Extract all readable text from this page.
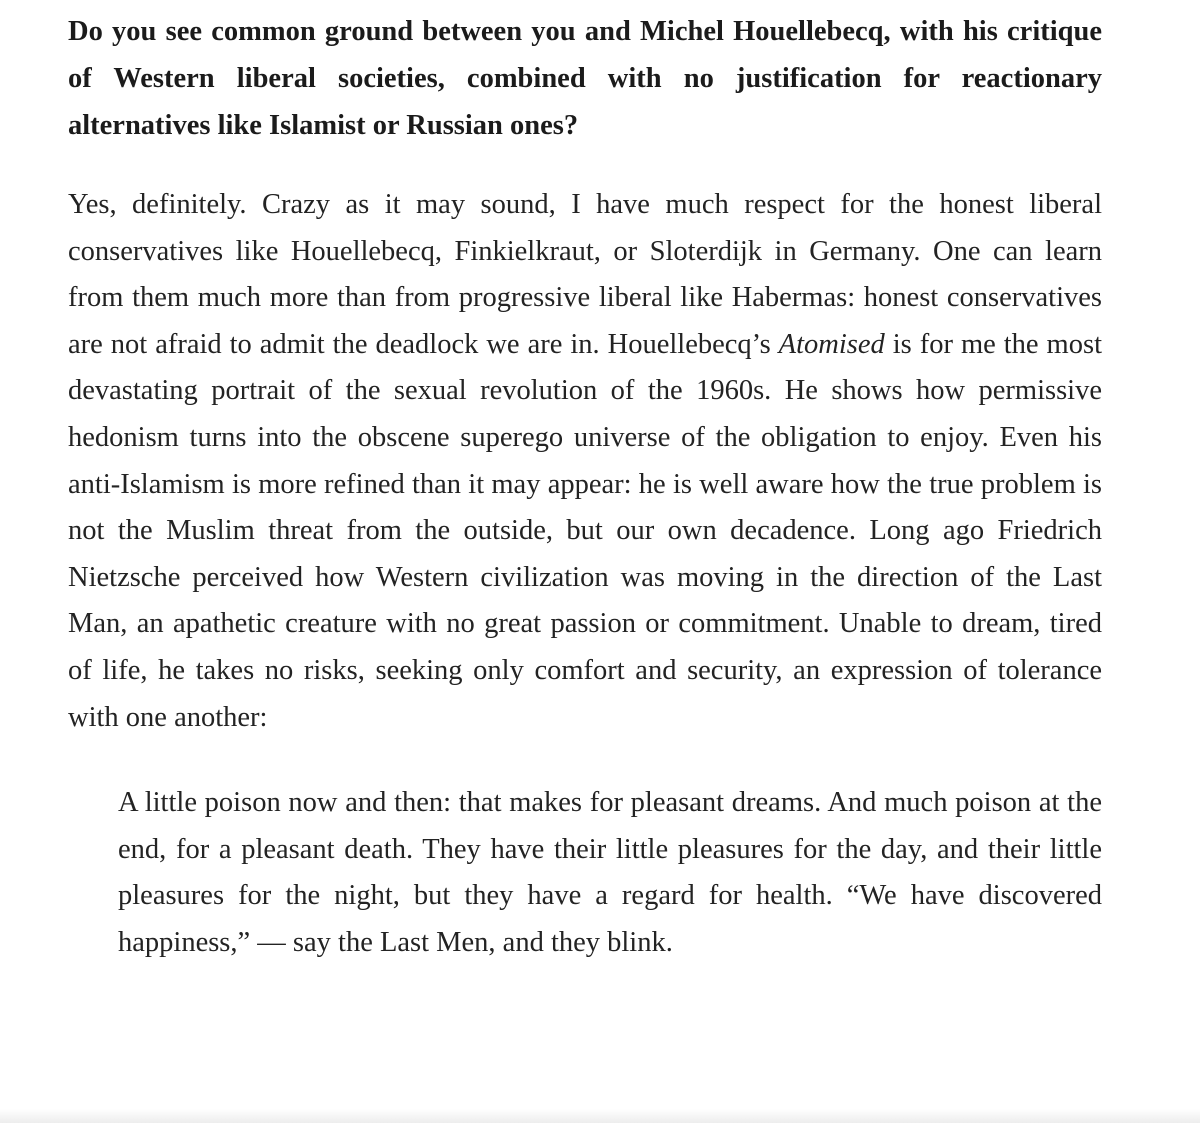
Do you see common ground between you and Michel Houellebecq, with his critique of Western liberal societies, combined with no justification for reactionary alternatives like Islamist or Russian ones?

Yes, definitely. Crazy as it may sound, I have much respect for the honest liberal conservatives like Houellebecq, Finkielkraut, or Sloterdijk in Germany. One can learn from them much more than from progressive liberal like Habermas: honest conservatives are not afraid to admit the deadlock we are in. Houellebecq’s Atomised is for me the most devastating portrait of the sexual revolution of the 1960s. He shows how permissive hedonism turns into the obscene superego universe of the obligation to enjoy. Even his anti-Islamism is more refined than it may appear: he is well aware how the true problem is not the Muslim threat from the outside, but our own decadence. Long ago Friedrich Nietzsche perceived how Western civilization was moving in the direction of the Last Man, an apathetic creature with no great passion or commitment. Unable to dream, tired of life, he takes no risks, seeking only comfort and security, an expression of tolerance with one another:

A little poison now and then: that makes for pleasant dreams. And much poison at the end, for a pleasant death. They have their little pleasures for the day, and their little pleasures for the night, but they have a regard for health. “We have discovered happiness,” — say the Last Men, and they blink.
